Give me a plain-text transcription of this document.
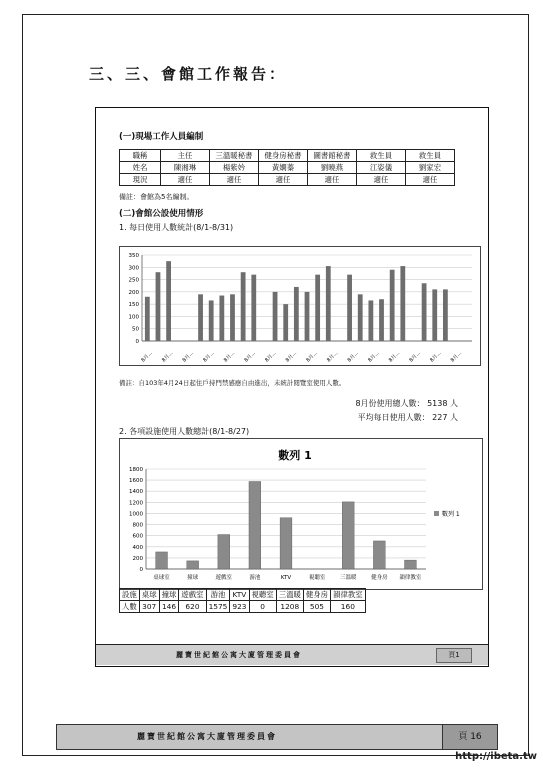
三、三、會館工作報告：
(一)現場工作人員編制
職稱	主任	三溫暖秘書	健身房秘書	圖書館秘書	救生員	救生員
姓名	陳湘琳	楊紫妗	黃嫻蓁	劉曉燕	江姿儀	劉家宏
現況	適任	適任	適任	適任	適任	適任
備註：會館為5名編制。
(二)會館公設使用情形
1. 每日使用人數統計(8/1-8/31)
0
50
100
150
200
250
300
350
8月... 8月... 8月... 8月... 8月... 8月... 8月... 8月... 8月... 8月... 8月... 8月... 8月... 8月... 8月... 8月...
備註：自103年4月24日起住戶持門禁感應自由進出，未統計閱覽室使用人數。
8月份使用總人數： 5138 人
平均每日使用人數： 227 人
2. 各項設施使用人數總計(8/1-8/27)
數列 1
0
200
400
600
800
1000
1200
1400
1600
1800
桌球室	撞球	遊戲室	游池	KTV	視聽室	三溫暖	健身房 韻律教室
數列 1
設施	桌球	撞球	遊戲室	游池	KTV	視聽室	三溫暖	健身房	韻律教室
人數	307	146	620	1575	923	0	1208	505	160
麗寶世紀館公寓大廈管理委員會	頁1
麗寶世紀館公寓大廈管理委員會	頁 16
http://ibeta.tw
